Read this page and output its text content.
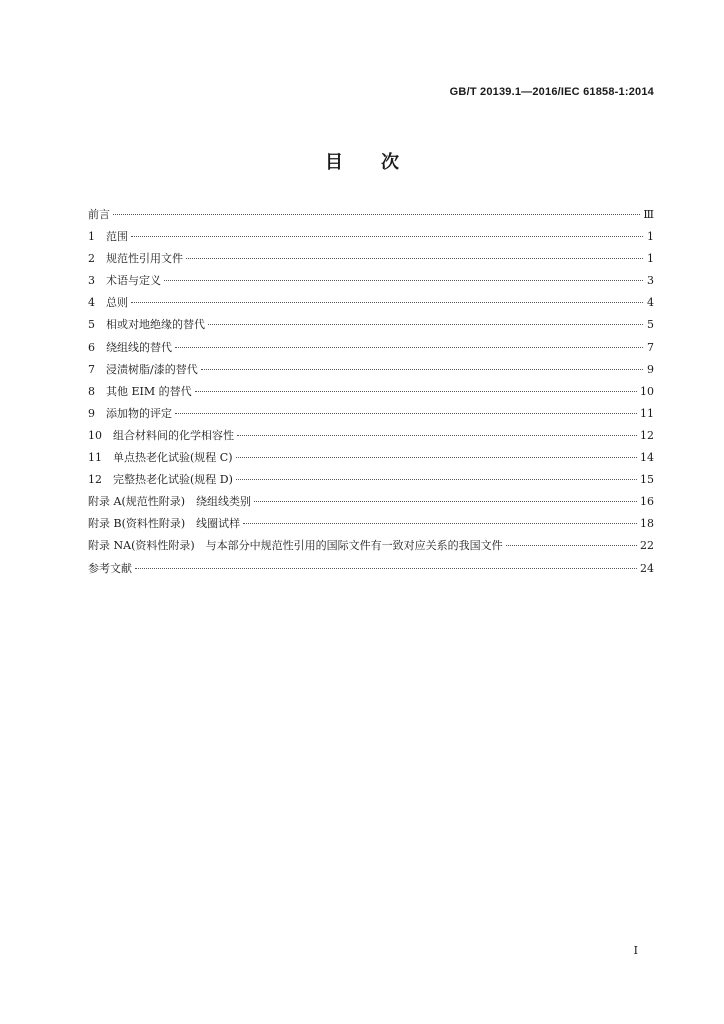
GB/T 20139.1—2016/IEC 61858-1:2014
目次
前言	Ⅲ
1　范围	1
2　规范性引用文件	1
3　术语与定义	3
4　总则	4
5　相或对地绝缘的替代	5
6　绕组线的替代	7
7　浸渍树脂/漆的替代	9
8　其他 EIM 的替代	10
9　添加物的评定	11
10　组合材料间的化学相容性	12
11　单点热老化试验(规程 C)	14
12　完整热老化试验(规程 D)	15
附录 A(规范性附录)　绕组线类别	16
附录 B(资料性附录)　线圈试样	18
附录 NA(资料性附录)　与本部分中规范性引用的国际文件有一致对应关系的我国文件	22
参考文献	24
I
